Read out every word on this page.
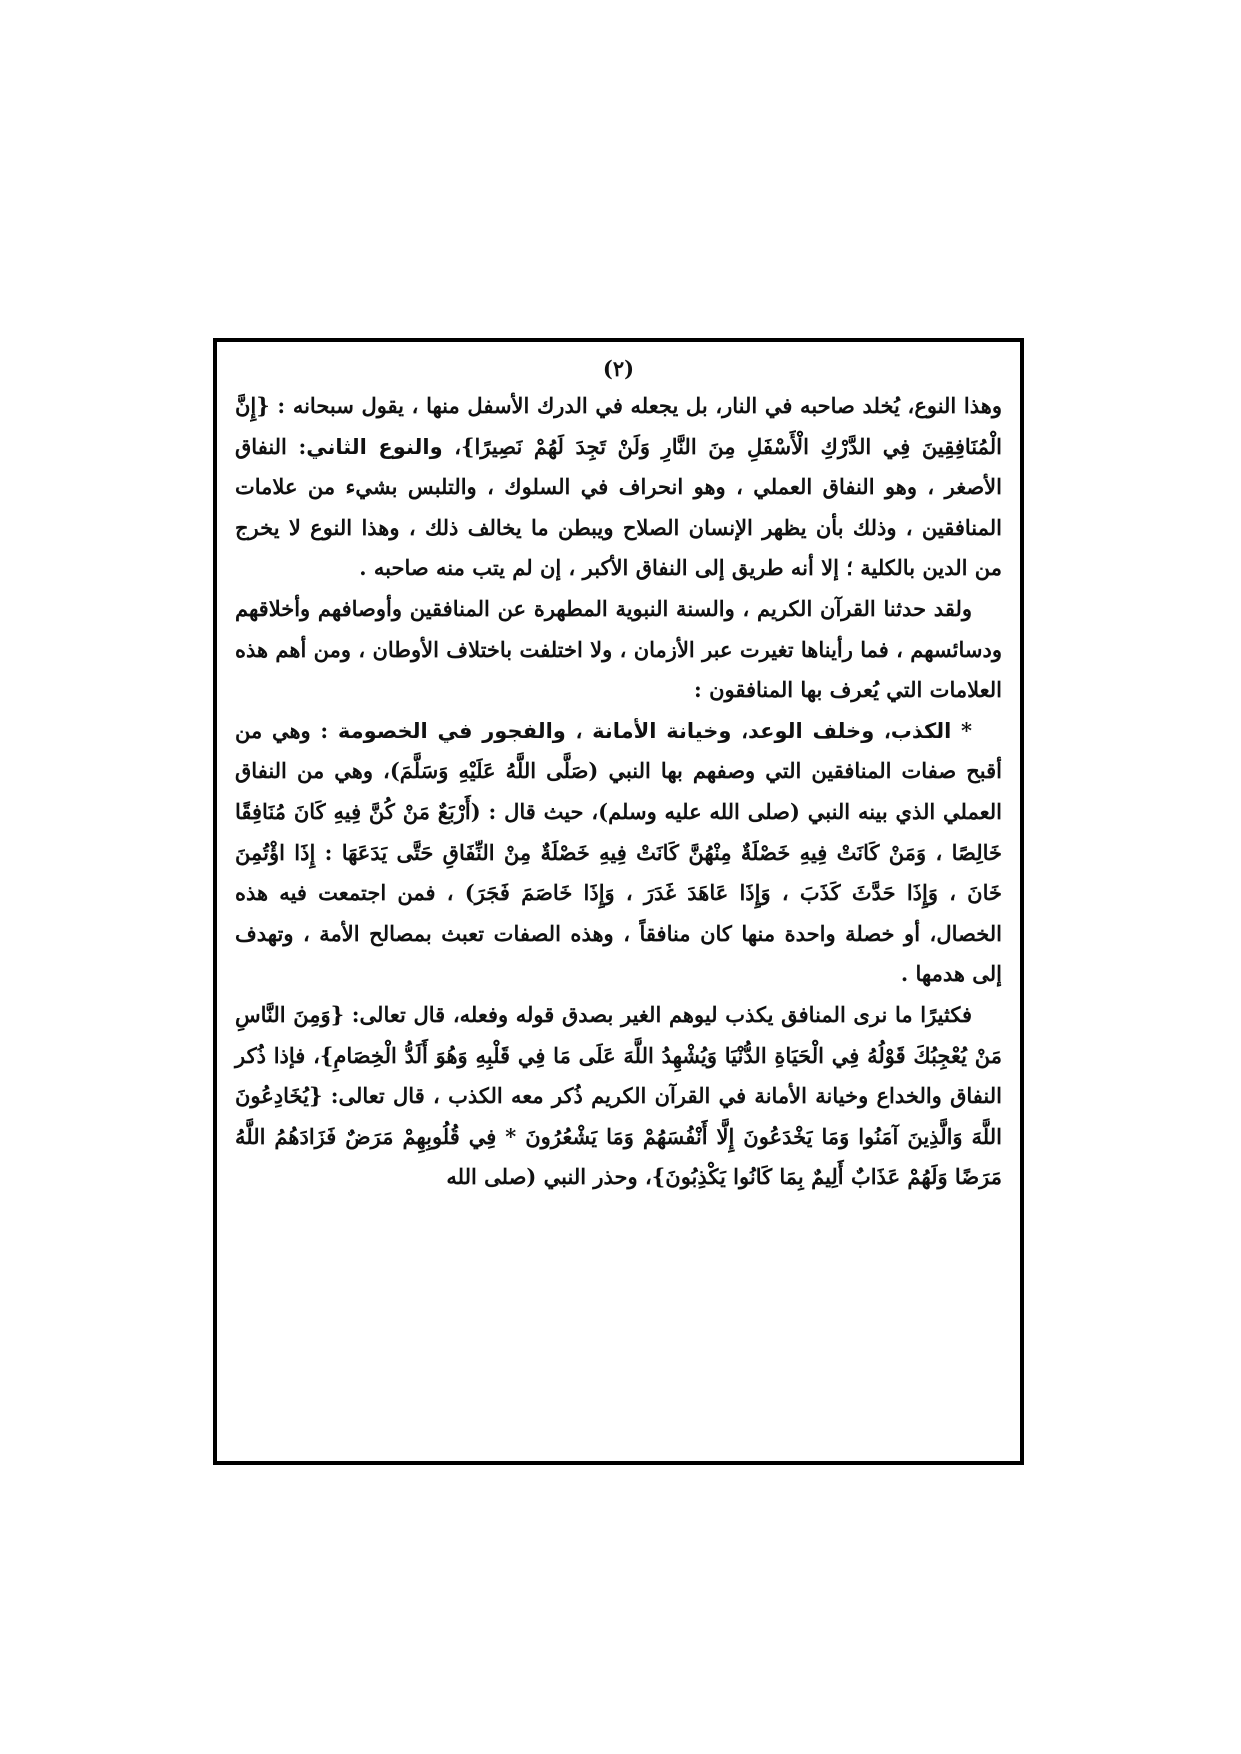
(٢)

وهذا النوع، يُخلد صاحبه في النار، بل يجعله في الدرك الأسفل منها ، يقول سبحانه : {إِنَّ الْمُنَافِقِينَ فِي الدَّرْكِ الْأَسْفَلِ مِنَ النَّارِ وَلَنْ تَجِدَ لَهُمْ نَصِيرًا}، والنوع الثاني: النفاق الأصغر ، وهو النفاق العملي ، وهو انحراف في السلوك ، والتلبس بشيء من علامات المنافقين ، وذلك بأن يظهر الإنسان الصلاح ويبطن ما يخالف ذلك ، وهذا النوع لا يخرج من الدين بالكلية ؛ إلا أنه طريق إلى النفاق الأكبر ، إن لم يتب منه صاحبه .

ولقد حدثنا القرآن الكريم ، والسنة النبوية المطهرة عن المنافقين وأوصافهم وأخلاقهم ودسائسهم ، فما رأيناها تغيرت عبر الأزمان ، ولا اختلفت باختلاف الأوطان ، ومن أهم هذه العلامات التي يُعرف بها المنافقون :

* الكذب، وخلف الوعد، وخيانة الأمانة ، والفجور في الخصومة : وهي من أقبح صفات المنافقين التي وصفهم بها النبي (صَلَّى اللَّهُ عَلَيْهِ وَسَلَّمَ)، وهي من النفاق العملي الذي بينه النبي (صلى الله عليه وسلم)، حيث قال : (أَرْبَعٌ مَنْ كُنَّ فِيهِ كَانَ مُنَافِقًا خَالِصًا ، وَمَنْ كَانَتْ فِيهِ خَصْلَةٌ مِنْهُنَّ كَانَتْ فِيهِ خَصْلَةٌ مِنْ النِّفَاقِ حَتَّى يَدَعَهَا : إِذَا اؤْتُمِنَ خَانَ ، وَإِذَا حَدَّثَ كَذَبَ ، وَإِذَا عَاهَدَ غَدَرَ ، وَإِذَا خَاصَمَ فَجَرَ) ، فمن اجتمعت فيه هذه الخصال، أو خصلة واحدة منها كان منافقاً ، وهذه الصفات تعبث بمصالح الأمة ، وتهدف إلى هدمها .

فكثيرًا ما نرى المنافق يكذب ليوهم الغير بصدق قوله وفعله، قال تعالى: {وَمِنَ النَّاسِ مَنْ يُعْجِبُكَ قَوْلُهُ فِي الْحَيَاةِ الدُّنْيَا وَيُشْهِدُ اللَّهَ عَلَى مَا فِي قَلْبِهِ وَهُوَ أَلَدُّ الْخِصَامِ}، فإذا ذُكر النفاق والخداع وخيانة الأمانة في القرآن الكريم ذُكر معه الكذب ، قال تعالى: {يُخَادِعُونَ اللَّهَ وَالَّذِينَ آمَنُوا وَمَا يَخْدَعُونَ إِلَّا أَنْفُسَهُمْ وَمَا يَشْعُرُونَ * فِي قُلُوبِهِمْ مَرَضٌ فَزَادَهُمُ اللَّهُ مَرَضًا وَلَهُمْ عَذَابٌ أَلِيمٌ بِمَا كَانُوا يَكْذِبُونَ}، وحذر النبي (صلى الله
